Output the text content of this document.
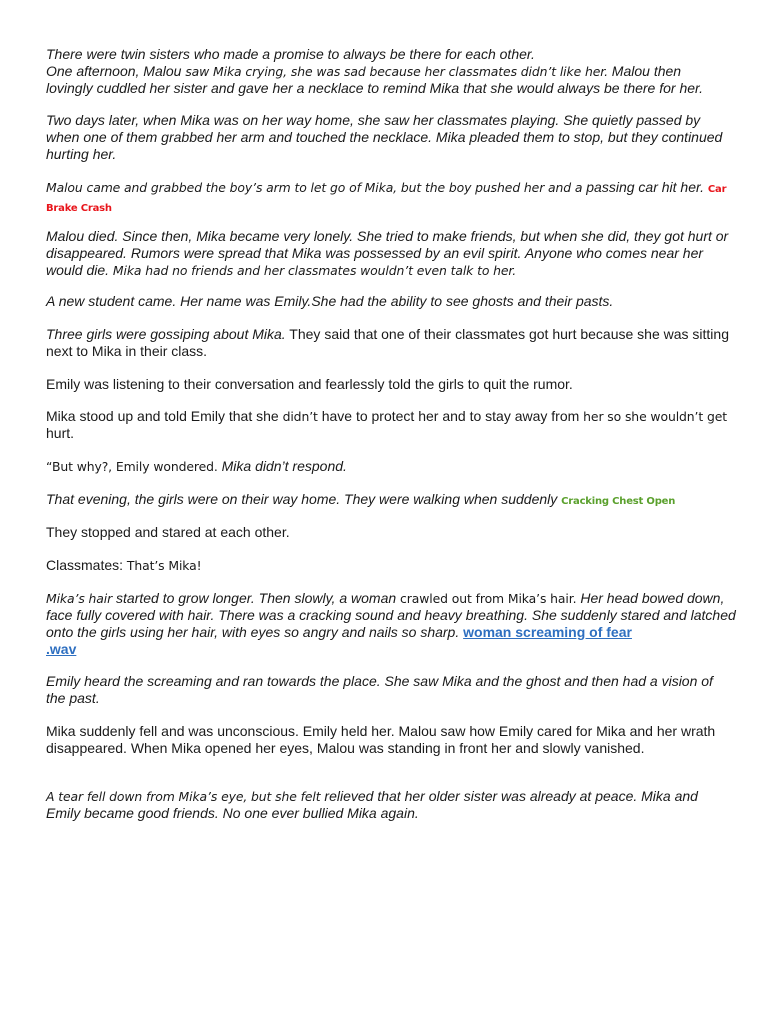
There were twin sisters who made a promise to always be there for each other.
One afternoon, Malou saw Mika crying, she was sad because her classmates didn’t like her. Malou then
lovingly cuddled her sister and gave her a necklace to remind Mika that she would always be there for her.

Two days later, when Mika was on her way home, she saw her classmates playing. She quietly passed by when one of them grabbed her arm and touched the necklace. Mika pleaded them to stop, but they continued hurting her.

Malou came and grabbed the boy’s arm to let go of Mika, but the boy pushed her and a passing car hit her. Car
Brake Crash

Malou died. Since then, Mika became very lonely. She tried to make friends, but when she did, they got hurt or disappeared. Rumors were spread that Mika was possessed by an evil spirit. Anyone who comes near her would die. Mika had no friends and her classmates wouldn’t even talk to her.

A new student came. Her name was Emily.She had the ability to see ghosts and their pasts.

Three girls were gossiping about Mika. They said that one of their classmates got hurt because she was sitting next to Mika in their class.

Emily was listening to their conversation and fearlessly told the girls to quit the rumor.

Mika stood up and told Emily that she didn’t have to protect her and to stay away from her so she wouldn’t get
hurt.

“But why?, Emily wondered. Mika didn’t respond.

That evening, the girls were on their way home. They were walking when suddenly Cracking Chest Open

They stopped and stared at each other.

Classmates: That’s Mika!

Mika’s hair started to grow longer. Then slowly, a woman crawled out from Mika’s hair. Her head bowed down, face fully covered with hair. There was a cracking sound and heavy breathing. She suddenly stared and latched onto the girls using her hair, with eyes so angry and nails so sharp. woman screaming of fear
.wav

Emily heard the screaming and ran towards the place. She saw Mika and the ghost and then had a vision of the past.

Mika suddenly fell and was unconscious. Emily held her. Malou saw how Emily cared for Mika and her wrath disappeared. When Mika opened her eyes, Malou was standing in front her and slowly vanished.

A tear fell down from Mika’s eye, but she felt relieved that her older sister was already at peace. Mika and Emily became good friends. No one ever bullied Mika again.
